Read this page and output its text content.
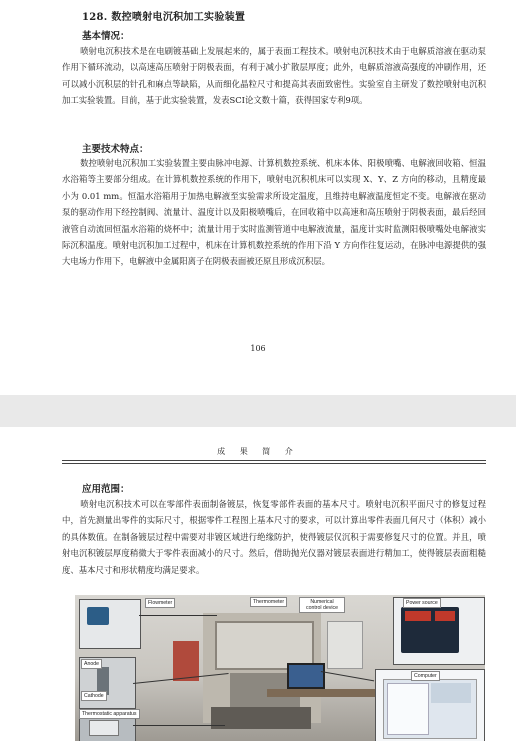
128. 数控喷射电沉积加工实验装置
基本情况：

喷射电沉积技术是在电刷镀基础上发展起来的，属于表面工程技术。喷射电沉积技术由于电解质溶液在驱动泵作用下循环流动，以高速高压喷射于阴极表面，有利于减小扩散层厚度；此外，电解质溶液高强度的冲刷作用，还可以减小沉积层的针孔和麻点等缺陷，从而细化晶粒尺寸和提高其表面致密性。实验室自主研发了数控喷射电沉积加工实验装置。目前，基于此实验装置，发表SCI论文数十篇，获得国家专利9项。

主要技术特点：

数控喷射电沉积加工实验装置主要由脉冲电源、计算机数控系统、机床本体、阳极喷嘴、电解液回收箱、恒温水浴箱等主要部分组成。在计算机数控系统的作用下，喷射电沉积机床可以实现 X、Y、Z 方向的移动，且精度最小为 0.01 mm。恒温水浴箱用于加热电解液至实验需求所设定温度，且维持电解液温度恒定不变。电解液在驱动泵的驱动作用下经控制阀、流量计、温度计以及阳极喷嘴后，在回收箱中以高速和高压喷射于阴极表面，最后经回液管自动流回恒温水浴箱的烧杯中；流量计用于实时监测管道中电解液流量，温度计实时监测阳极喷嘴处电解液实际沉积温度。喷射电沉积加工过程中，机床在计算机数控系统的作用下沿 Y 方向作往复运动，在脉冲电源提供的强大电场力作用下，电解液中金属阳离子在阴极表面被还原且形成沉积层。

106
成 果 简 介
应用范围：

喷射电沉积技术可以在零部件表面制备镀层，恢复零部件表面的基本尺寸。喷射电沉积平面尺寸的修复过程中，首先测量出零件的实际尺寸，根据零件工程图上基本尺寸的要求，可以计算出零件表面几何尺寸（体积）减小的具体数值。在制备镀层过程中需要对非镀区域进行绝缘防护，使得镀层仅沉积于需要修复尺寸的位置。并且，喷射电沉积镀层厚度稍微大于零件表面减小的尺寸。然后，借助抛光仪器对镀层表面进行精加工，使得镀层表面粗糙度、基本尺寸和形状精度均满足要求。

Flowmeter	Thermometer	Numerical control device
Power source
Anode
Cathode
Thermostatic apparatus
Computer
